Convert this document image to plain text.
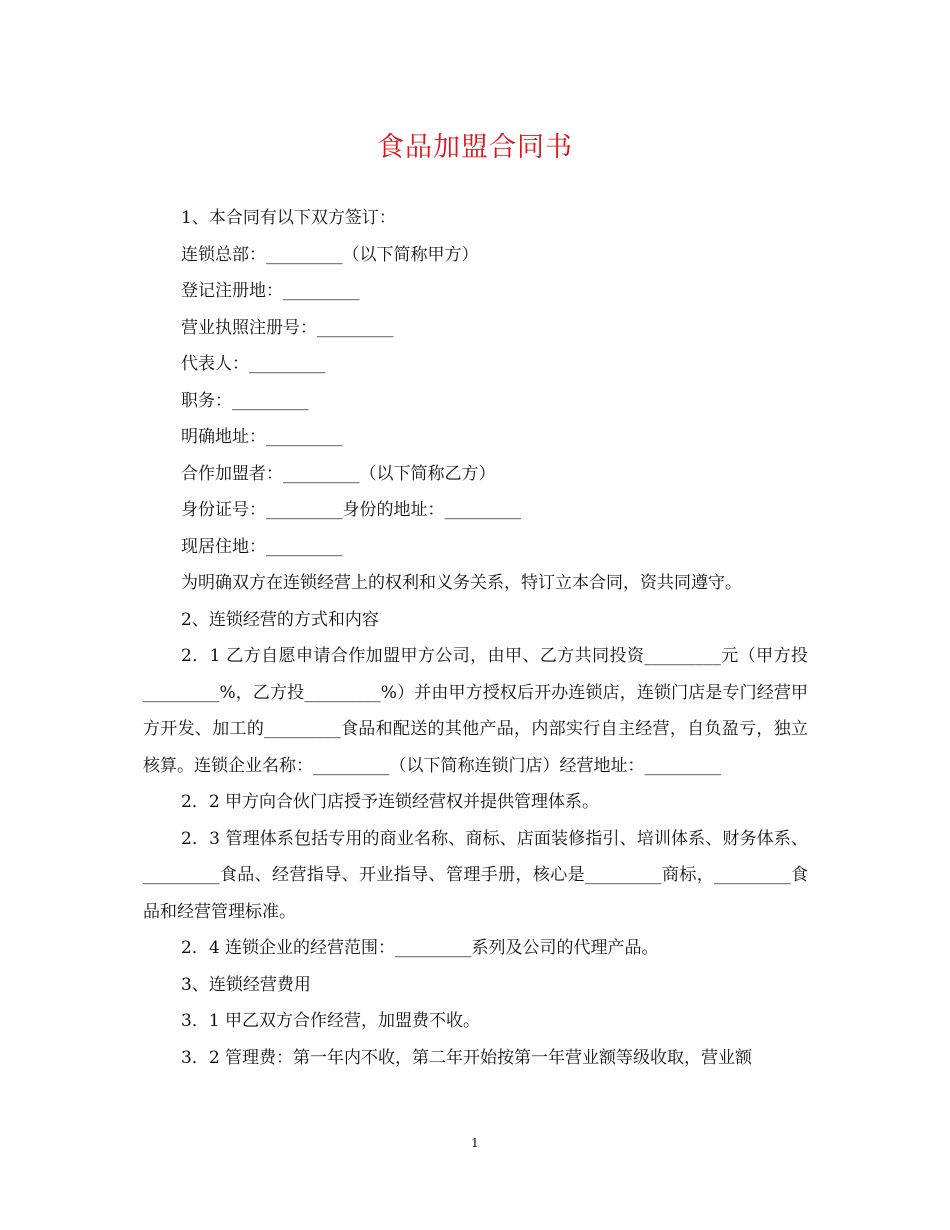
食品加盟合同书

1、本合同有以下双方签订：

连锁总部：_________（以下简称甲方）

登记注册地：_________

营业执照注册号：_________

代表人：_________

职务：_________

明确地址：_________

合作加盟者：_________（以下简称乙方）

身份证号：_________身份的地址：_________

现居住地：_________

为明确双方在连锁经营上的权利和义务关系，特订立本合同，资共同遵守。

2、连锁经营的方式和内容

2．1 乙方自愿申请合作加盟甲方公司，由甲、乙方共同投资_________元（甲方投_________%，乙方投_________%）并由甲方授权后开办连锁店，连锁门店是专门经营甲方开发、加工的_________食品和配送的其他产品，内部实行自主经营，自负盈亏，独立核算。连锁企业名称：_________（以下简称连锁门店）经营地址：_________

2．2 甲方向合伙门店授予连锁经营权并提供管理体系。

2．3 管理体系包括专用的商业名称、商标、店面装修指引、培训体系、财务体系、_________食品、经营指导、开业指导、管理手册，核心是_________商标，_________食品和经营管理标准。

2．4 连锁企业的经营范围：_________系列及公司的代理产品。

3、连锁经营费用

3．1 甲乙双方合作经营，加盟费不收。

3．2 管理费：第一年内不收，第二年开始按第一年营业额等级收取，营业额

1
